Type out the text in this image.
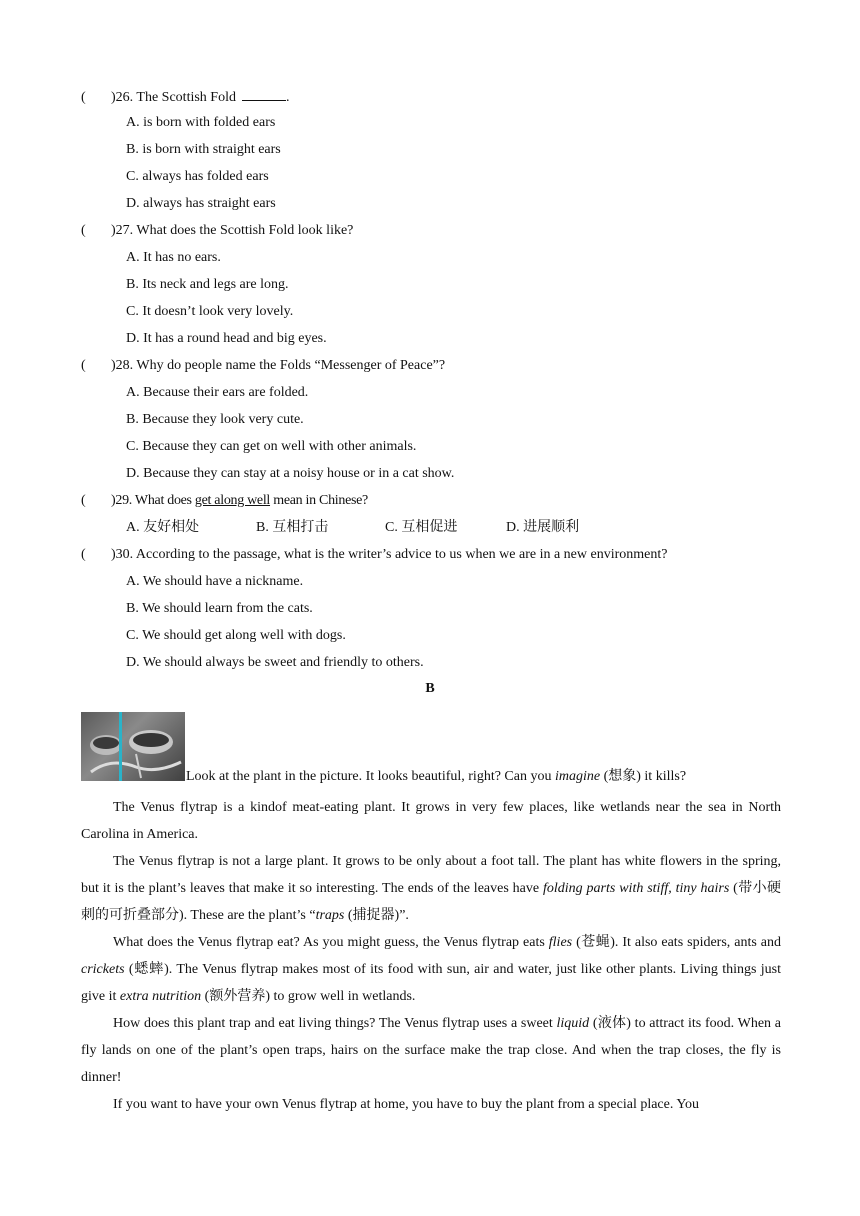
( )26. The Scottish Fold	.
A. is born with folded ears
B. is born with straight ears
C. always has folded ears
D. always has straight ears
( )27. What does the Scottish Fold look like?
A. It has no ears.
B. Its neck and legs are long.
C. It doesn’t look very lovely.
D. It has a round head and big eyes.
( )28. Why do people name the Folds “Messenger of Peace”?
A. Because their ears are folded.
B. Because they look very cute.
C. Because they can get on well with other animals.
D. Because they can stay at a noisy house or in a cat show.
( )29. What does get along well mean in Chinese?
A. 友好相处	B. 互相打击	C. 互相促进	D. 进展顺利
( )30. According to the passage, what is the writer’s advice to us when we are in a new environment?
A. We should have a nickname.
B. We should learn from the cats.
C. We should get along well with dogs.
D. We should always be sweet and friendly to others.
B
Look at the plant in the picture. It looks beautiful, right? Can you imagine (想象) it kills?

The Venus flytrap is a kindof meat-eating plant. It grows in very few places, like wetlands near the sea in North Carolina in America.

The Venus flytrap is not a large plant. It grows to be only about a foot tall. The plant has white flowers in the spring, but it is the plant’s leaves that make it so interesting. The ends of the leaves have folding parts with stiff, tiny hairs (带小硬刺的可折叠部分). These are the plant’s “traps (捕捉器)”.

What does the Venus flytrap eat? As you might guess, the Venus flytrap eats flies (苍蝇). It also eats spiders, ants and crickets (蟋蟀). The Venus flytrap makes most of its food with sun, air and water, just like other plants. Living things just give it extra nutrition (额外营养) to grow well in wetlands.

How does this plant trap and eat living things? The Venus flytrap uses a sweet liquid (液体) to attract its food. When a fly lands on one of the plant’s open traps, hairs on the surface make the trap close. And when the trap closes, the fly is dinner!

If you want to have your own Venus flytrap at home, you have to buy the plant from a special place. You
